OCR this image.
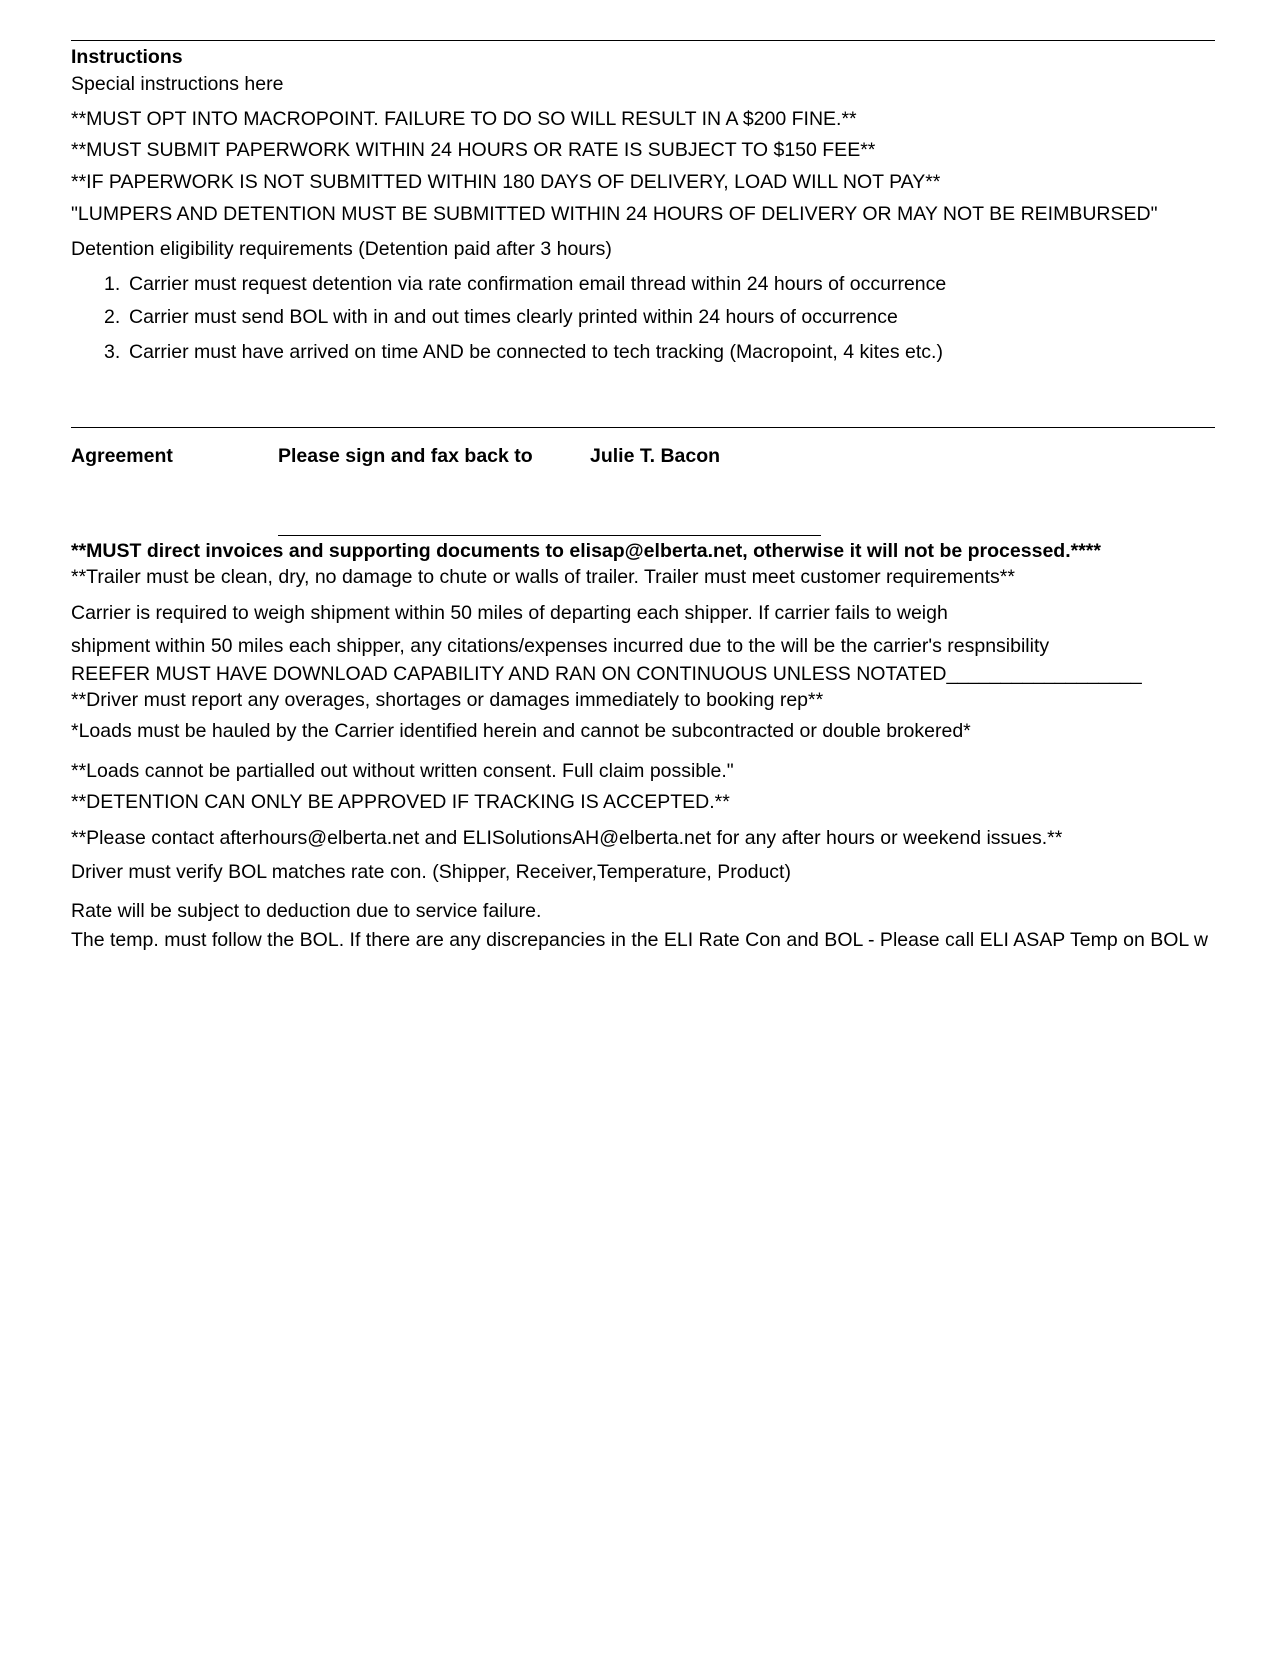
Instructions
Special instructions here
**MUST OPT INTO MACROPOINT. FAILURE TO DO SO WILL RESULT IN A $200 FINE.**
**MUST SUBMIT PAPERWORK WITHIN 24 HOURS OR RATE IS SUBJECT TO $150 FEE**
**IF PAPERWORK IS NOT SUBMITTED WITHIN 180 DAYS OF DELIVERY, LOAD WILL NOT PAY**
"LUMPERS AND DETENTION MUST BE SUBMITTED WITHIN 24 HOURS OF DELIVERY OR MAY NOT BE REIMBURSED"
Detention eligibility requirements (Detention paid after 3 hours)
1. Carrier must request detention via rate confirmation email thread within 24 hours of occurrence
2. Carrier must send BOL with in and out times clearly printed within 24 hours of occurrence
3. Carrier must have arrived on time AND be connected to tech tracking (Macropoint, 4 kites etc.)
Agreement	Please sign and fax back to	Julie T. Bacon
**MUST direct invoices and supporting documents to elisap@elberta.net, otherwise it will not be processed.****
**Trailer must be clean, dry, no damage to chute or walls of trailer. Trailer must meet customer requirements**
Carrier is required to weigh shipment within 50 miles of departing each shipper. If carrier fails to weigh
shipment within 50 miles each shipper, any citations/expenses incurred due to the will be the carrier's respnsibility
REEFER MUST HAVE DOWNLOAD CAPABILITY AND RAN ON CONTINUOUS UNLESS NOTATED__________________
**Driver must report any overages, shortages or damages immediately to booking rep**
*Loads must be hauled by the Carrier identified herein and cannot be subcontracted or double brokered*
**Loads cannot be partialled out without written consent. Full claim possible."
**DETENTION CAN ONLY BE APPROVED IF TRACKING IS ACCEPTED.**
**Please contact afterhours@elberta.net and ELISolutionsAH@elberta.net for any after hours or weekend issues.**
Driver must verify BOL matches rate con. (Shipper, Receiver,Temperature, Product)
Rate will be subject to deduction due to service failure.
The temp. must follow the BOL. If there are any discrepancies in the ELI Rate Con and BOL - Please call ELI ASAP Temp on BOL w
